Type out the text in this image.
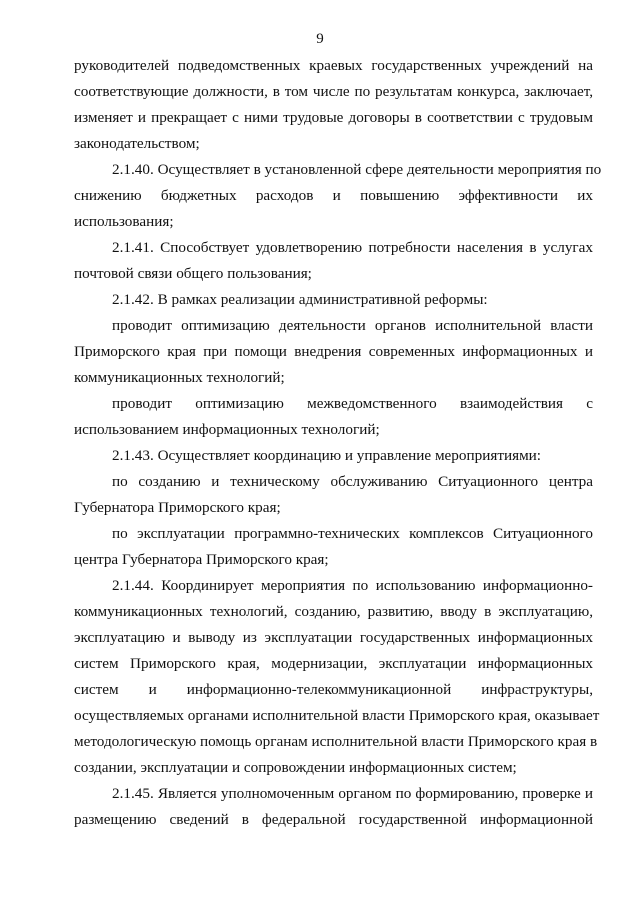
9
руководителей подведомственных краевых государственных учреждений на
соответствующие должности, в том числе по результатам конкурса, заключает,
изменяет и прекращает с ними трудовые договоры в соответствии с трудовым
законодательством;
2.1.40. Осуществляет в установленной сфере деятельности мероприятия по
снижению бюджетных расходов и повышению эффективности их
использования;
2.1.41. Способствует удовлетворению потребности населения в услугах
почтовой связи общего пользования;
2.1.42. В рамках реализации административной реформы:
проводит оптимизацию деятельности органов исполнительной власти
Приморского края при помощи внедрения современных информационных и
коммуникационных технологий;
проводит оптимизацию межведомственного взаимодействия с
использованием информационных технологий;
2.1.43. Осуществляет координацию и управление мероприятиями:
по созданию и техническому обслуживанию Ситуационного центра
Губернатора Приморского края;
по эксплуатации программно-технических комплексов Ситуационного
центра Губернатора Приморского края;
2.1.44. Координирует мероприятия по использованию информационно-
коммуникационных технологий, созданию, развитию, вводу в эксплуатацию,
эксплуатацию и выводу из эксплуатации государственных информационных
систем Приморского края, модернизации, эксплуатации информационных
систем и информационно-телекоммуникационной инфраструктуры,
осуществляемых органами исполнительной власти Приморского края, оказывает
методологическую помощь органам исполнительной власти Приморского края в
создании, эксплуатации и сопровождении информационных систем;
2.1.45. Является уполномоченным органом по формированию, проверке и
размещению сведений в федеральной государственной информационной
